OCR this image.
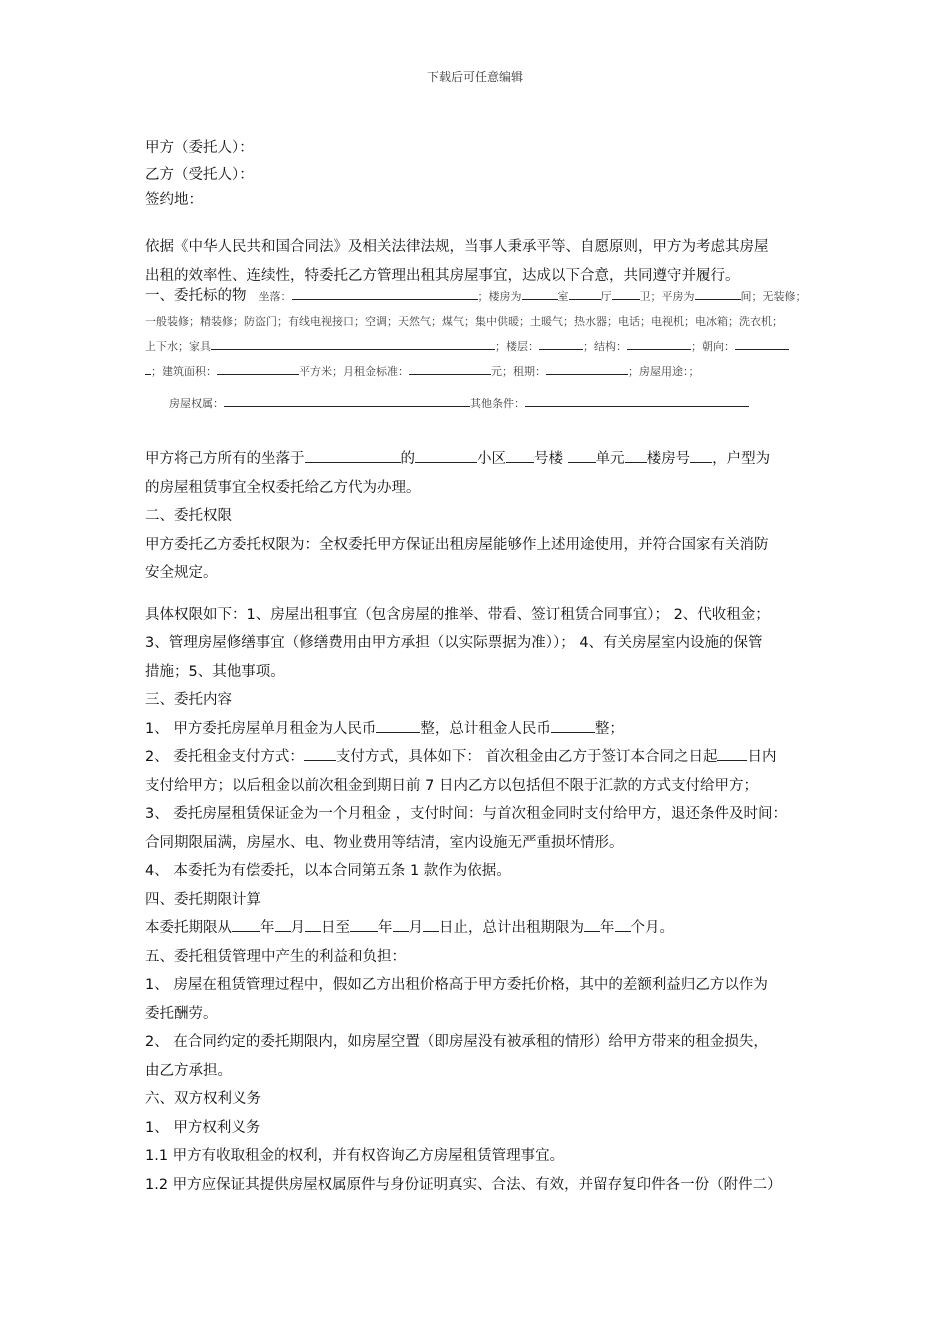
下载后可任意编辑
甲方（委托人）：
乙方（受托人）：
签约地：
依据《中华人民共和国合同法》及相关法律法规，当事人秉承平等、自愿原则，甲方为考虑其房屋
出租的效率性、连续性，特委托乙方管理出租其房屋事宜，达成以下合意，共同遵守并履行。
一、委托标的物 坐落：	；楼房为	室	厅	卫；平房为	间；无装修；
一般装修；精装修；防盗门；有线电视接口；空调；天然气；煤气；集中供暖；土暖气；热水器；电话；电视机；电冰箱；洗衣机；
上下水；家具	；楼层：	；结构：	；朝向：
；建筑面积：	平方米；月租金标准：	元；租期：	；房屋用途：；
房屋权属：	其他条件：
甲方将己方所有的坐落于	的	小区 号楼 单元 楼房号 ，户型为
的房屋租赁事宜全权委托给乙方代为办理。
二、委托权限
甲方委托乙方委托权限为：全权委托甲方保证出租房屋能够作上述用途使用，并符合国家有关消防
安全规定。
具体权限如下：1、房屋出租事宜（包含房屋的推举、带看、签订租赁合同事宜）； 2、代收租金；
3、管理房屋修缮事宜（修缮费用由甲方承担（以实际票据为准））； 4、有关房屋室内设施的保管
措施；5、其他事项。
三、委托内容
1、 甲方委托房屋单月租金为人民币	整，总计租金人民币	整；
2、 委托租金支付方式： 支付方式，具体如下： 首次租金由乙方于签订本合同之日起 日内
支付给甲方；以后租金以前次租金到期日前 7 日内乙方以包括但不限于汇款的方式支付给甲方；
3、 委托房屋租赁保证金为一个月租金 ，支付时间：与首次租金同时支付给甲方，退还条件及时间：
合同期限届满，房屋水、电、物业费用等结清，室内设施无严重损坏情形。
4、 本委托为有偿委托，以本合同第五条 1 款作为依据。
四、委托期限计算
本委托期限从 年 月 日至 年 月 日止，总计出租期限为 年 个月。
五、委托租赁管理中产生的利益和负担：
1、 房屋在租赁管理过程中，假如乙方出租价格高于甲方委托价格，其中的差额利益归乙方以作为
委托酬劳。
2、 在合同约定的委托期限内，如房屋空置（即房屋没有被承租的情形）给甲方带来的租金损失，
由乙方承担。
六、双方权利义务
1、 甲方权利义务
1.1 甲方有收取租金的权利，并有权咨询乙方房屋租赁管理事宜。
1.2 甲方应保证其提供房屋权属原件与身份证明真实、合法、有效，并留存复印件各一份（附件二）
